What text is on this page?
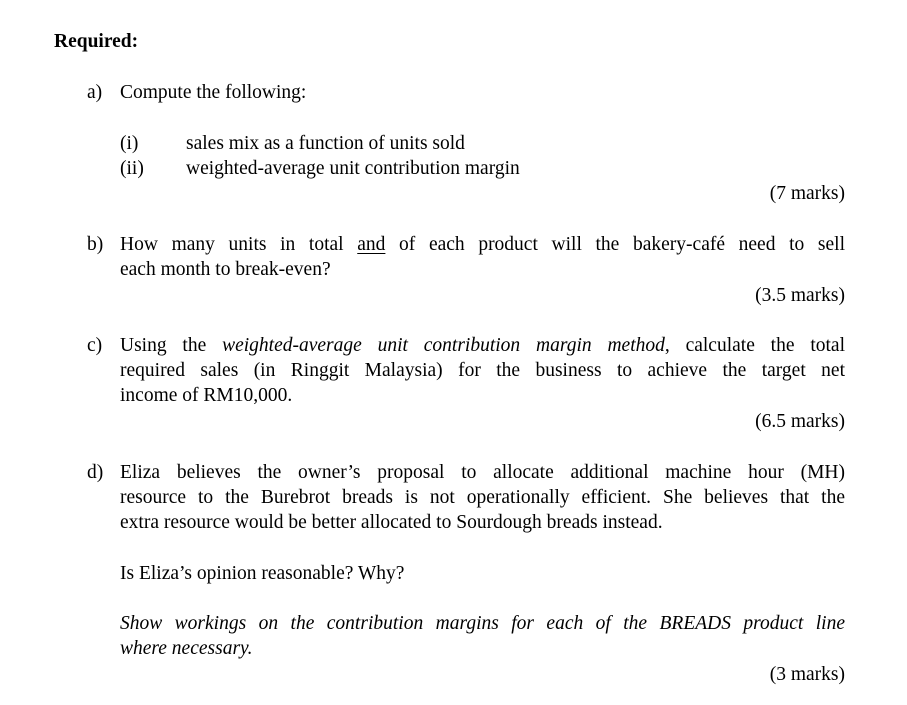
Required:
a) Compute the following:
(i) sales mix as a function of units sold
(ii) weighted-average unit contribution margin
(7 marks)
b) How many units in total and of each product will the bakery-café need to sell
each month to break-even?
(3.5 marks)
c) Using the weighted-average unit contribution margin method, calculate the total
required sales (in Ringgit Malaysia) for the business to achieve the target net
income of RM10,000.
(6.5 marks)
d) Eliza believes the owner’s proposal to allocate additional machine hour (MH)
resource to the Burebrot breads is not operationally efficient. She believes that the
extra resource would be better allocated to Sourdough breads instead.
Is Eliza’s opinion reasonable? Why?
Show workings on the contribution margins for each of the BREADS product line
where necessary.
(3 marks)
